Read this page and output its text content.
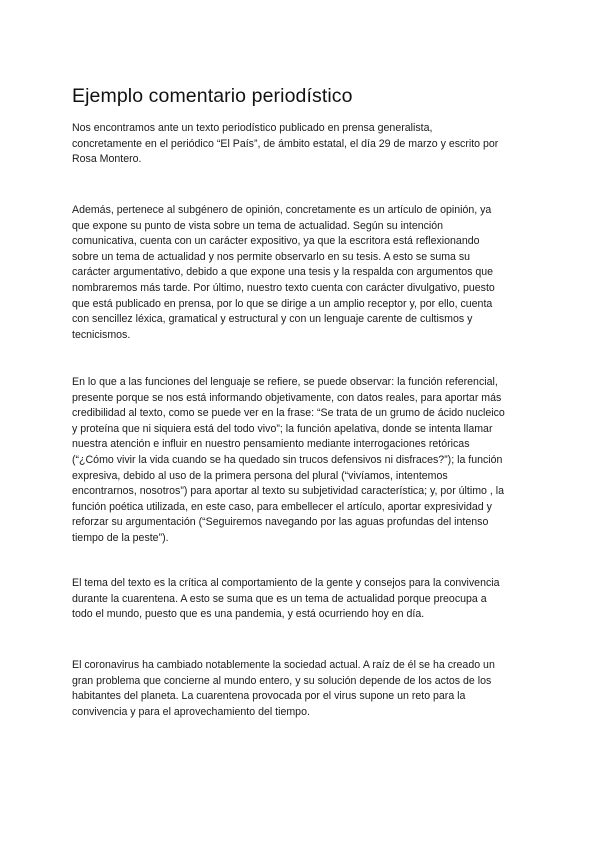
Ejemplo comentario periodístico

Nos encontramos ante un texto periodístico publicado en prensa generalista,
concretamente en el periódico “El País”, de ámbito estatal, el día 29 de marzo y escrito por
Rosa Montero.

Además, pertenece al subgénero de opinión, concretamente es un artículo de opinión, ya
que expone su punto de vista sobre un tema de actualidad. Según su intención
comunicativa, cuenta con un carácter expositivo, ya que la escritora está reflexionando
sobre un tema de actualidad y nos permite observarlo en su tesis. A esto se suma su
carácter argumentativo, debido a que expone una tesis y la respalda con argumentos que
nombraremos más tarde. Por último, nuestro texto cuenta con carácter divulgativo, puesto
que está publicado en prensa, por lo que se dirige a un amplio receptor y, por ello, cuenta
con sencillez léxica, gramatical y estructural y con un lenguaje carente de cultismos y
tecnicismos.

En lo que a las funciones del lenguaje se refiere, se puede observar: la función referencial,
presente porque se nos está informando objetivamente, con datos reales, para aportar más
credibilidad al texto, como se puede ver en la frase: “Se trata de un grumo de ácido nucleico
y proteína que ni siquiera está del todo vivo”; la función apelativa, donde se intenta llamar
nuestra atención e influir en nuestro pensamiento mediante interrogaciones retóricas
(“¿Cómo vivir la vida cuando se ha quedado sin trucos defensivos ni disfraces?”); la función
expresiva, debido al uso de la primera persona del plural (“vivíamos, intentemos
encontrarnos, nosotros”) para aportar al texto su subjetividad característica; y, por último , la
función poética utilizada, en este caso, para embellecer el artículo, aportar expresividad y
reforzar su argumentación (“Seguiremos navegando por las aguas profundas del intenso
tiempo de la peste”).

El tema del texto es la crítica al comportamiento de la gente y consejos para la convivencia
durante la cuarentena. A esto se suma que es un tema de actualidad porque preocupa a
todo el mundo, puesto que es una pandemia, y está ocurriendo hoy en día.

El coronavirus ha cambiado notablemente la sociedad actual. A raíz de él se ha creado un
gran problema que concierne al mundo entero, y su solución depende de los actos de los
habitantes del planeta. La cuarentena provocada por el virus supone un reto para la
convivencia y para el aprovechamiento del tiempo.
